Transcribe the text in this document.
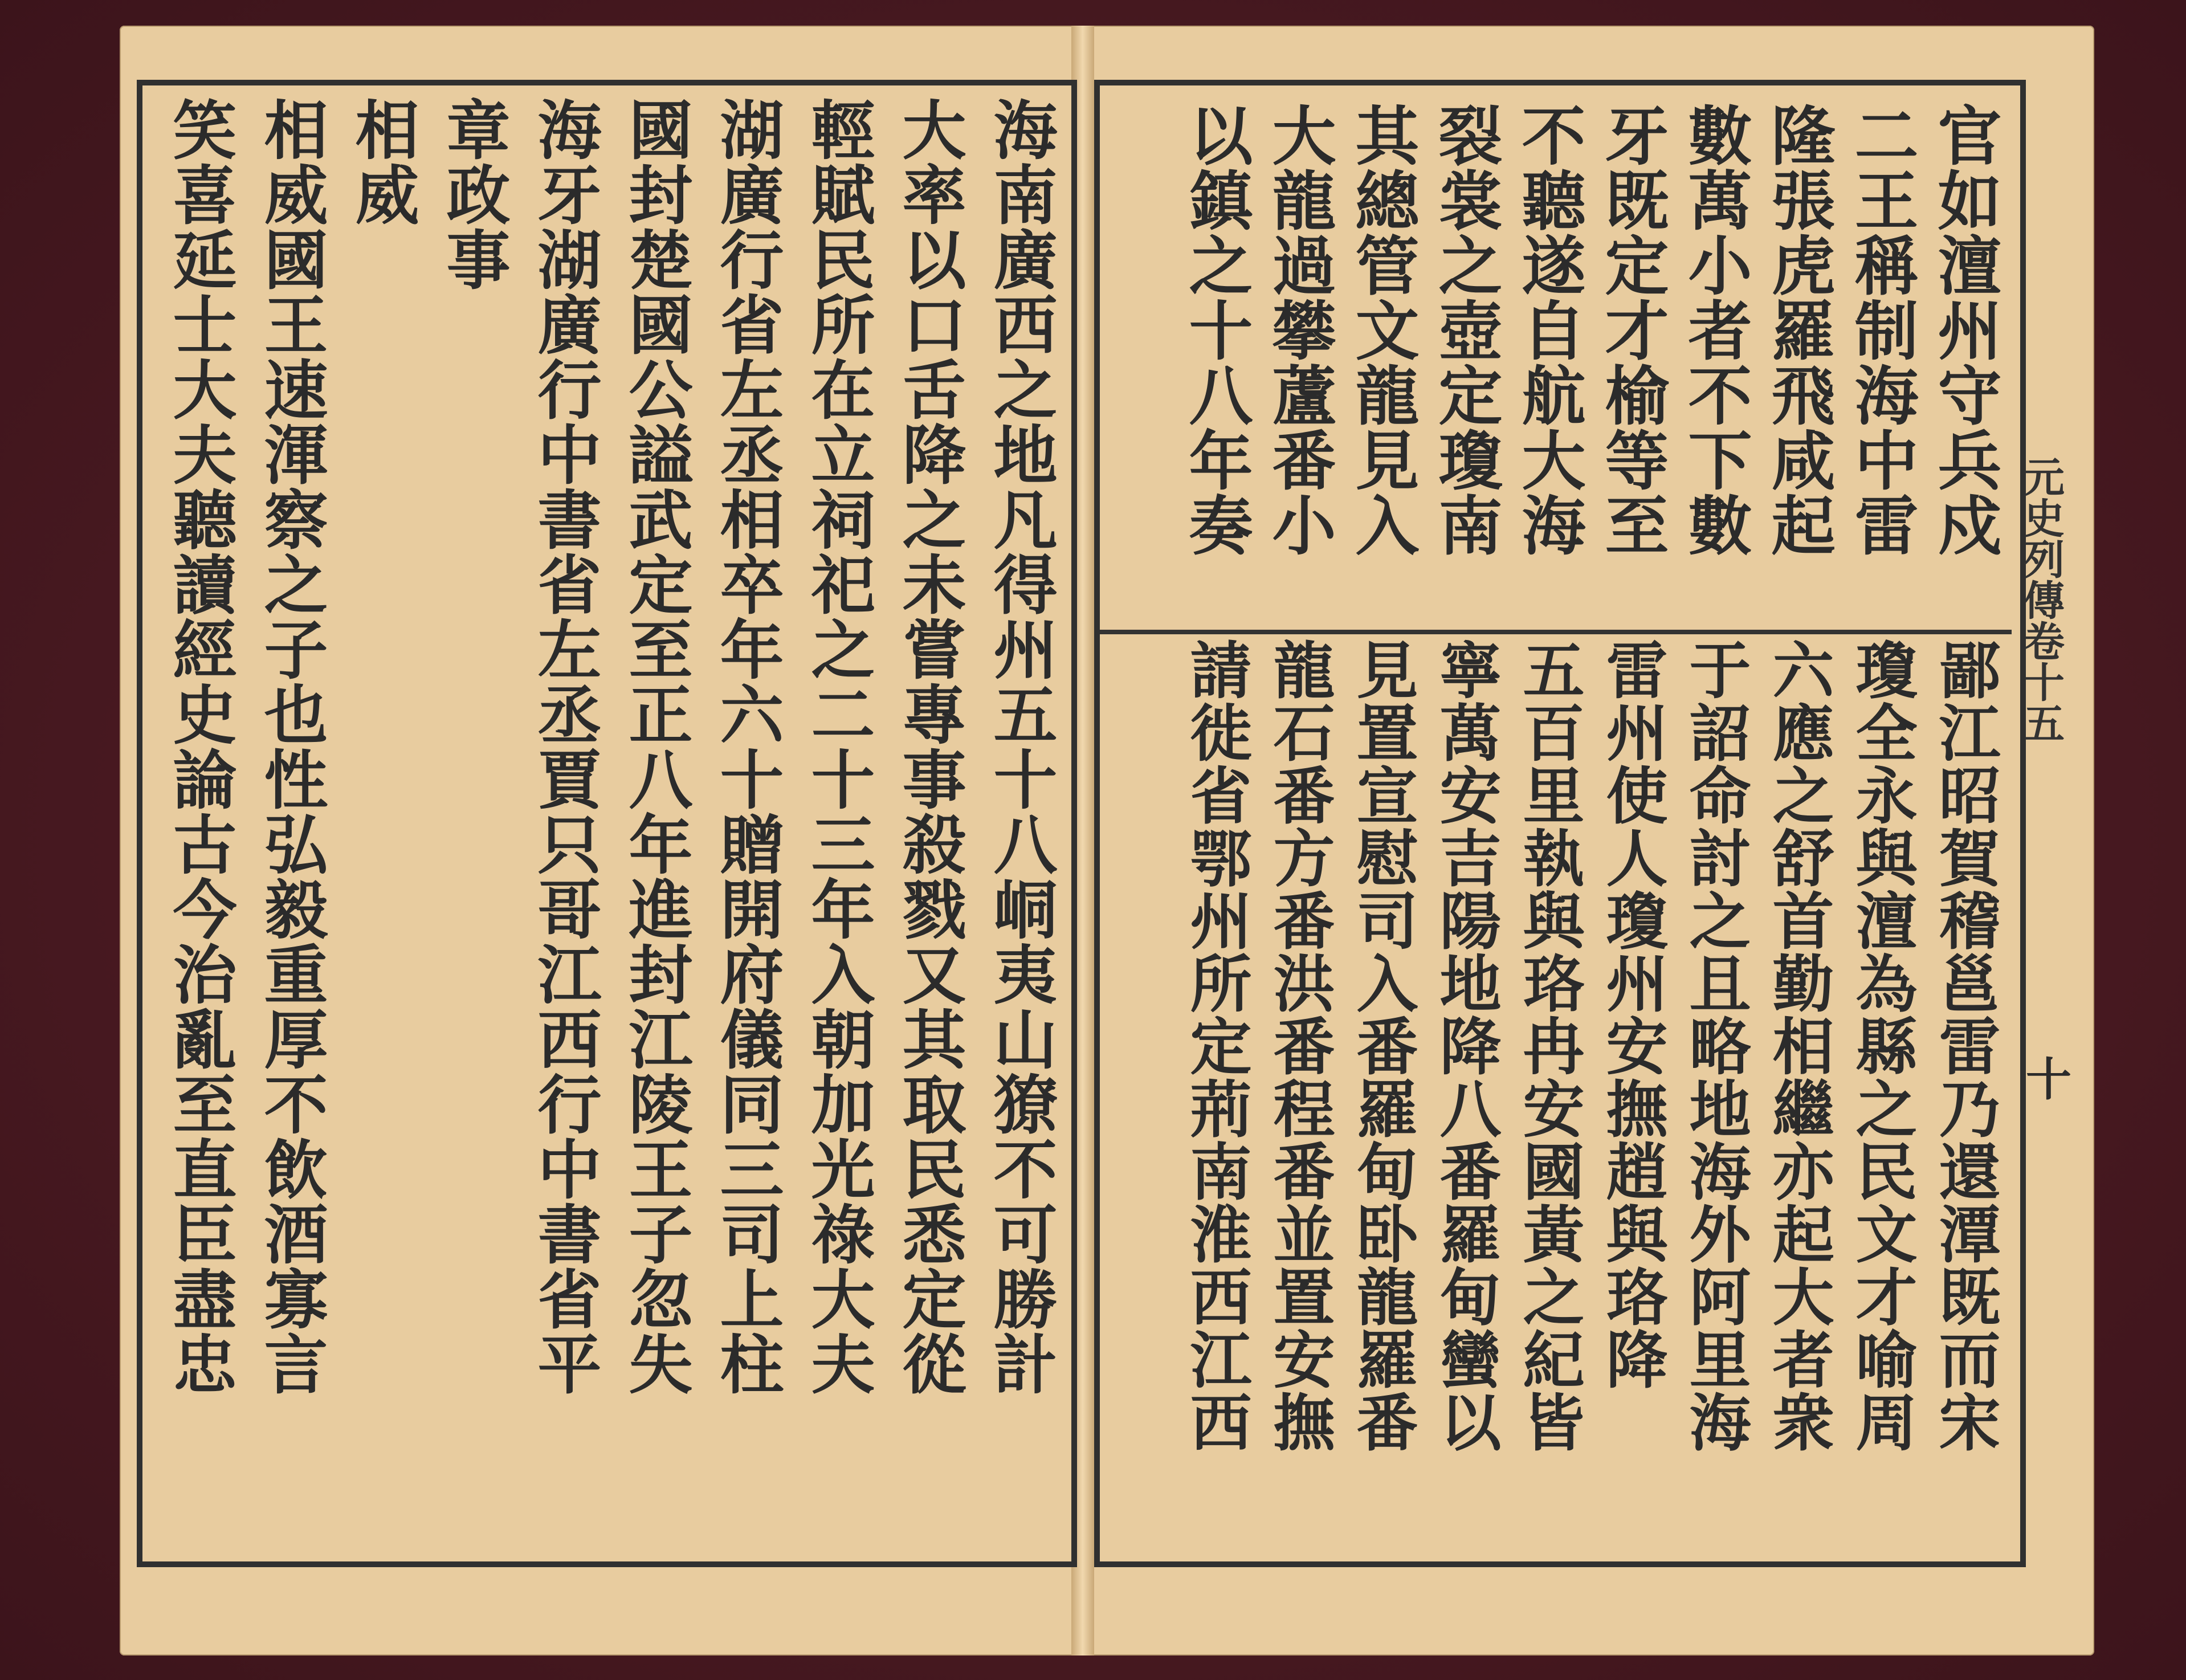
海南廣西之地凡得州五十八峒夷山獠不可勝計
大率以口舌降之未嘗專事殺戮又其取民悉定從
輕賦民所在立祠祀之二十三年入朝加光祿大夫
湖廣行省左丞相卒年六十贈開府儀同三司上柱
國封楚國公謚武定至正八年進封江陵王子忽失
海牙湖廣行中書省左丞賈只哥江西行中書省平
章政事
相威
相威國王速渾察之子也性弘毅重厚不飲酒寡言
笑喜延士大夫聽讀經史論古今治亂至直臣盡忠	官如澶州守兵戍
二王稱制海中雷
隆張虎羅飛咸起
數萬小者不下數
牙既定才榆等至
不聽遂自航大海
裂裳之壺定瓊南
其總管文龍見入
大龍過攀蘆番小
以鎮之十八年奏
鄙江昭賀稽邕雷乃還潭既而宋
瓊全永與澶為縣之民文才喻周
六應之舒首勤相繼亦起大者衆
于詔命討之且略地海外阿里海
雷州使人瓊州安撫趙與珞降
五百里執與珞冉安國黃之紀皆
寧萬安吉陽地降八番羅甸蠻以
見置宣慰司入番羅甸卧龍羅番
龍石番方番洪番程番並置安撫
請徙省鄂州所定荊南淮西江西
元史列傳卷十五
十
